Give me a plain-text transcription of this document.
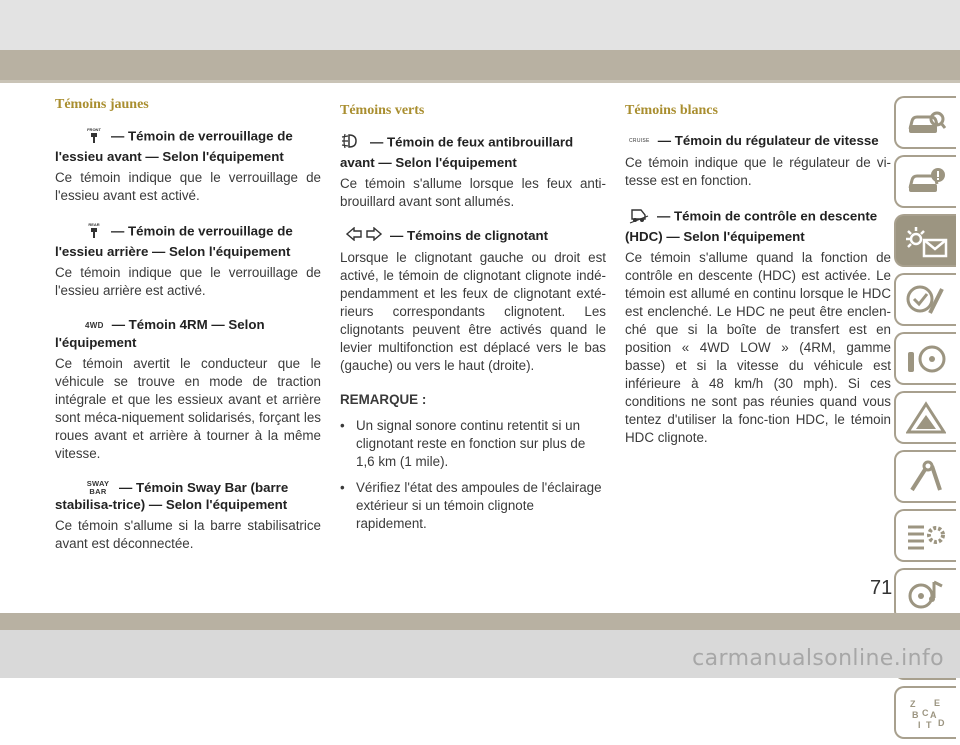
Témoins jaunes
FRONT — Témoin de verrouillage de l'essieu avant — Selon l'équipement

Ce témoin indique que le verrouillage de l'essieu avant est activé.

REAR — Témoin de verrouillage de l'essieu arrière — Selon l'équipement

Ce témoin indique que le verrouillage de l'essieu arrière est activé.

4WD — Témoin 4RM — Selon l'équipement

Ce témoin avertit le conducteur que le véhicule se trouve en mode de traction intégrale et que les essieux avant et arrière sont méca-niquement solidarisés, forçant les roues avant et arrière à tourner à la même vitesse.

SWAY BAR — Témoin Sway Bar (barre stabilisa-trice) — Selon l'équipement

Ce témoin s'allume si la barre stabilisatrice avant est déconnectée.

Témoins verts
— Témoin de feux antibrouillard avant — Selon l'équipement

Ce témoin s'allume lorsque les feux anti-brouillard avant sont allumés.

— Témoins de clignotant

Lorsque le clignotant gauche ou droit est activé, le témoin de clignotant clignote indé-pendamment et les feux de clignotant exté-rieurs correspondants clignotent. Les clignotants peuvent être activés quand le levier multifonction est déplacé vers le bas (gauche) ou vers le haut (droite).

REMARQUE :
• Un signal sonore continu retentit si un clignotant reste en fonction sur plus de 1,6 km (1 mile).
• Vérifiez l'état des ampoules de l'éclairage extérieur si un témoin clignote rapidement.
Témoins blancs
CRUISE — Témoin du régulateur de vitesse

Ce témoin indique que le régulateur de vi-tesse est en fonction.

— Témoin de contrôle en descente (HDC) — Selon l'équipement

Ce témoin s'allume quand la fonction de contrôle en descente (HDC) est activée. Le témoin est allumé en continu lorsque le HDC est enclenché. Le HDC ne peut être enclen-ché que si la boîte de transfert est en position « 4WD LOW » (4RM, gamme basse) et si la vitesse du véhicule est inférieure à 48 km/h (30 mph). Si ces conditions ne sont pas réunies quand vous tentez d'utiliser la fonc-tion HDC, le témoin HDC clignote.

Z E
B A
I T D
C
71
carmanualsonline.info
